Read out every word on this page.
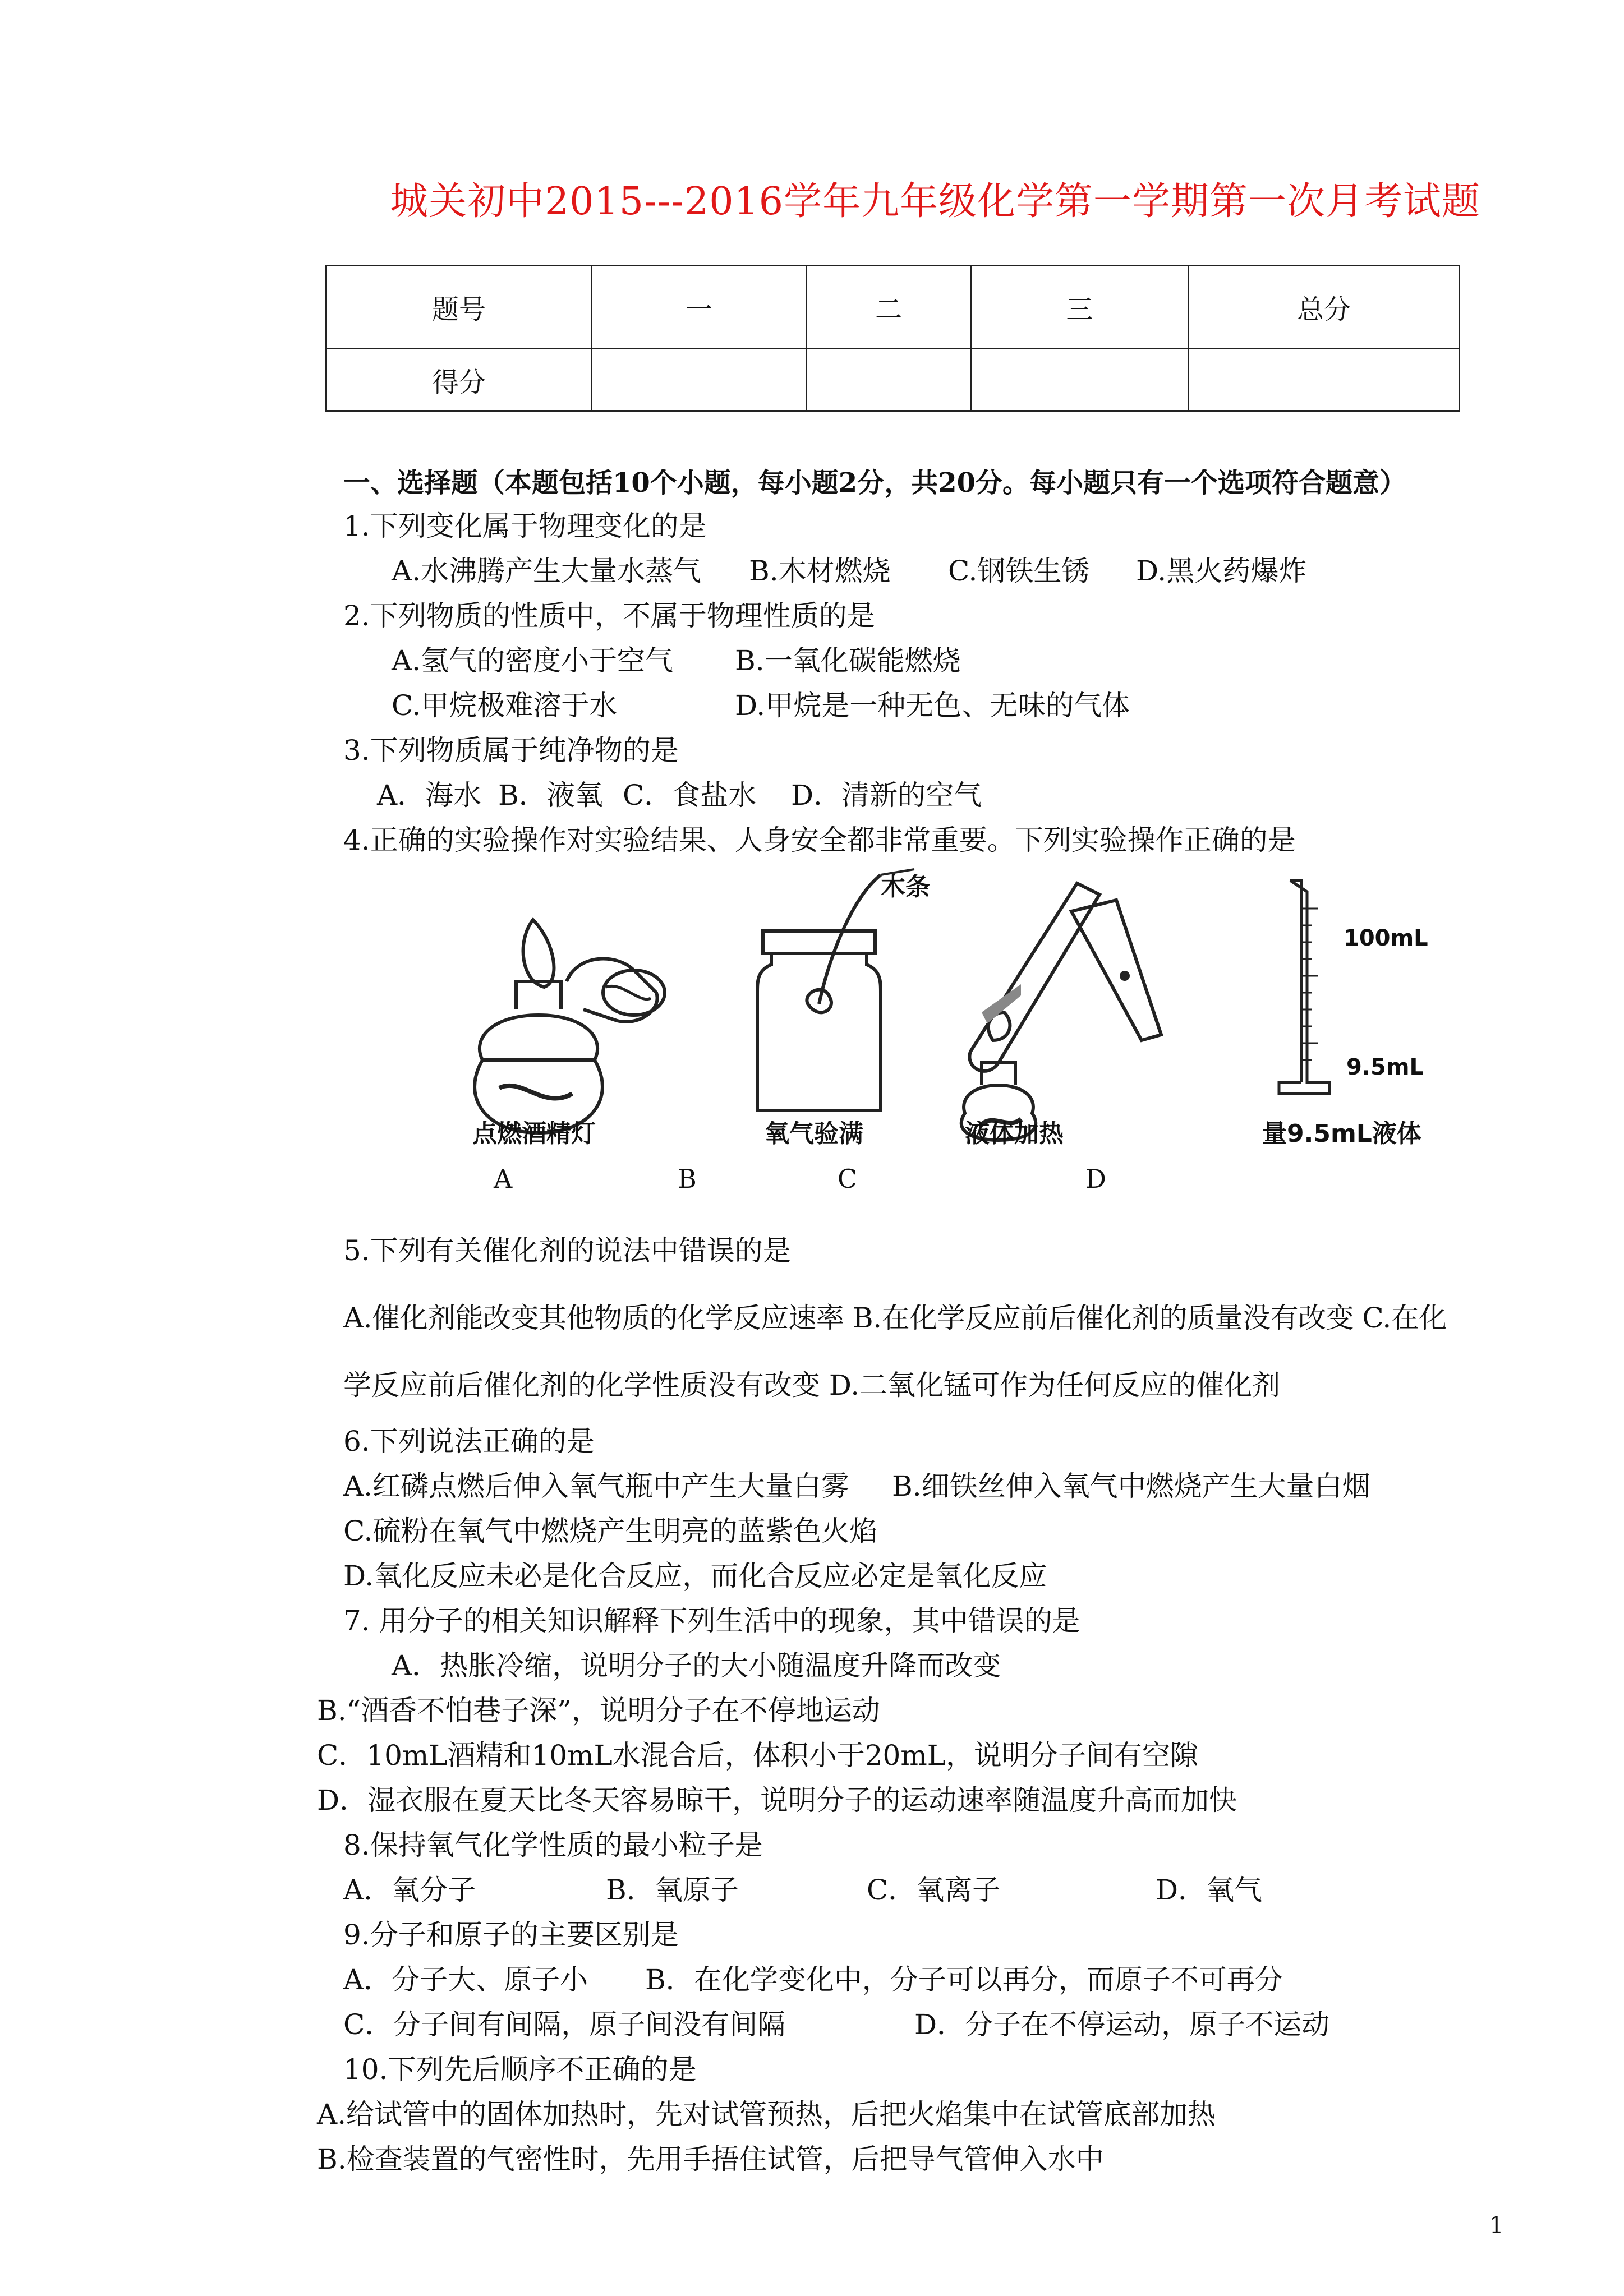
城关初中2015---2016学年九年级化学第一学期第一次月考试题
题号	一	二	三	总分
得分				
一、选择题（本题包括10个小题，每小题2分，共20分。每小题只有一个选项符合题意）
1.下列变化属于物理变化的是
A.水沸腾产生大量水蒸气 B.木材燃烧 C.钢铁生锈 D.黑火药爆炸
2.下列物质的性质中，不属于物理性质的是
A.氢气的密度小于空气 B.一氧化碳能燃烧
C.甲烷极难溶于水	D.甲烷是一种无色、无味的气体
3.下列物质属于纯净物的是
A．海水 B．液氧 C．食盐水 D．清新的空气
4.正确的实验操作对实验结果、人身安全都非常重要。下列实验操作正确的是
点燃酒精灯
木条
氧气验满	液体加热
100mL
9.5mL
量9.5mL液体
A	B	C	D
5.下列有关催化剂的说法中错误的是
A.催化剂能改变其他物质的化学反应速率 B.在化学反应前后催化剂的质量没有改变 C.在化
学反应前后催化剂的化学性质没有改变 D.二氧化锰可作为任何反应的催化剂
6.下列说法正确的是
A.红磷点燃后伸入氧气瓶中产生大量白雾 B.细铁丝伸入氧气中燃烧产生大量白烟
C.硫粉在氧气中燃烧产生明亮的蓝紫色火焰
D.氧化反应未必是化合反应，而化合反应必定是氧化反应
7. 用分子的相关知识解释下列生活中的现象，其中错误的是
A．热胀冷缩，说明分子的大小随温度升降而改变
B.“酒香不怕巷子深”，说明分子在不停地运动
C．10mL酒精和10mL水混合后，体积小于20mL，说明分子间有空隙
D．湿衣服在夏天比冬天容易晾干，说明分子的运动速率随温度升高而加快
8.保持氧气化学性质的最小粒子是
A．氧分子	B．氧原子	C．氧离子	D．氧气
9.分子和原子的主要区别是
A．分子大、原子小 B．在化学变化中，分子可以再分，而原子不可再分
C．分子间有间隔，原子间没有间隔	D．分子在不停运动，原子不运动
10.下列先后顺序不正确的是
A.给试管中的固体加热时，先对试管预热，后把火焰集中在试管底部加热
B.检查装置的气密性时，先用手捂住试管，后把导气管伸入水中
1
